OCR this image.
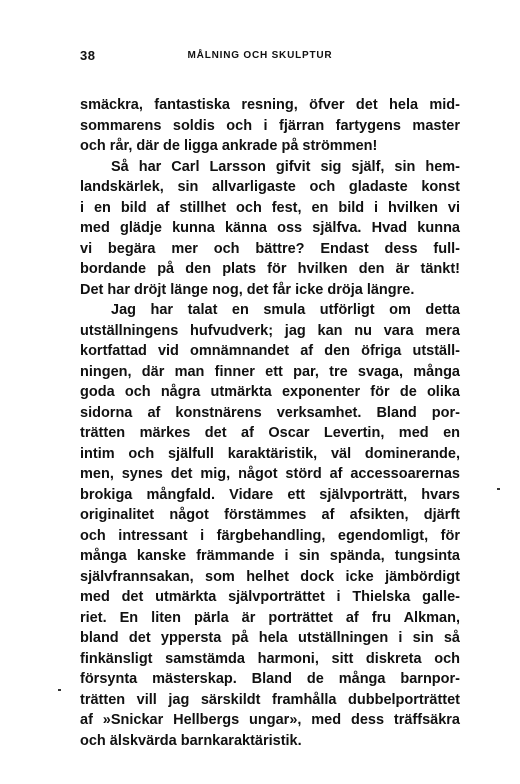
38	MÅLNING OCH SKULPTUR
smäckra, fantastiska resning, öfver det hela mid-
sommarens soldis och i fjärran fartygens master
och rår, där de ligga ankrade på strömmen!
Så har Carl Larsson gifvit sig själf, sin hem-
landskärlek, sin allvarligaste och gladaste konst
i en bild af stillhet och fest, en bild i hvilken vi
med glädje kunna känna oss själfva. Hvad kunna
vi begära mer och bättre? Endast dess full-
bordande på den plats för hvilken den är tänkt!
Det har dröjt länge nog, det får icke dröja längre.
Jag har talat en smula utförligt om detta
utställningens hufvudverk; jag kan nu vara mera
kortfattad vid omnämnandet af den öfriga utställ-
ningen, där man finner ett par, tre svaga, många
goda och några utmärkta exponenter för de olika
sidorna af konstnärens verksamhet. Bland por-
trätten märkes det af Oscar Levertin, med en
intim och själfull karaktäristik, väl dominerande,
men, synes det mig, något störd af accessoarernas
brokiga mångfald. Vidare ett självporträtt, hvars
originalitet något förstämmes af afsikten, djärft
och intressant i färgbehandling, egendomligt, för
många kanske främmande i sin spända, tungsinta
självfrannsakan, som helhet dock icke jämbördigt
med det utmärkta självporträttet i Thielska galle-
riet. En liten pärla är porträttet af fru Alkman,
bland det yppersta på hela utställningen i sin så
finkänsligt samstämda harmoni, sitt diskreta och
försynta mästerskap. Bland de många barnpor-
trätten vill jag särskildt framhålla dubbelporträttet
af »Snickar Hellbergs ungar», med dess träffsäkra
och älskvärda barnkaraktäristik.
